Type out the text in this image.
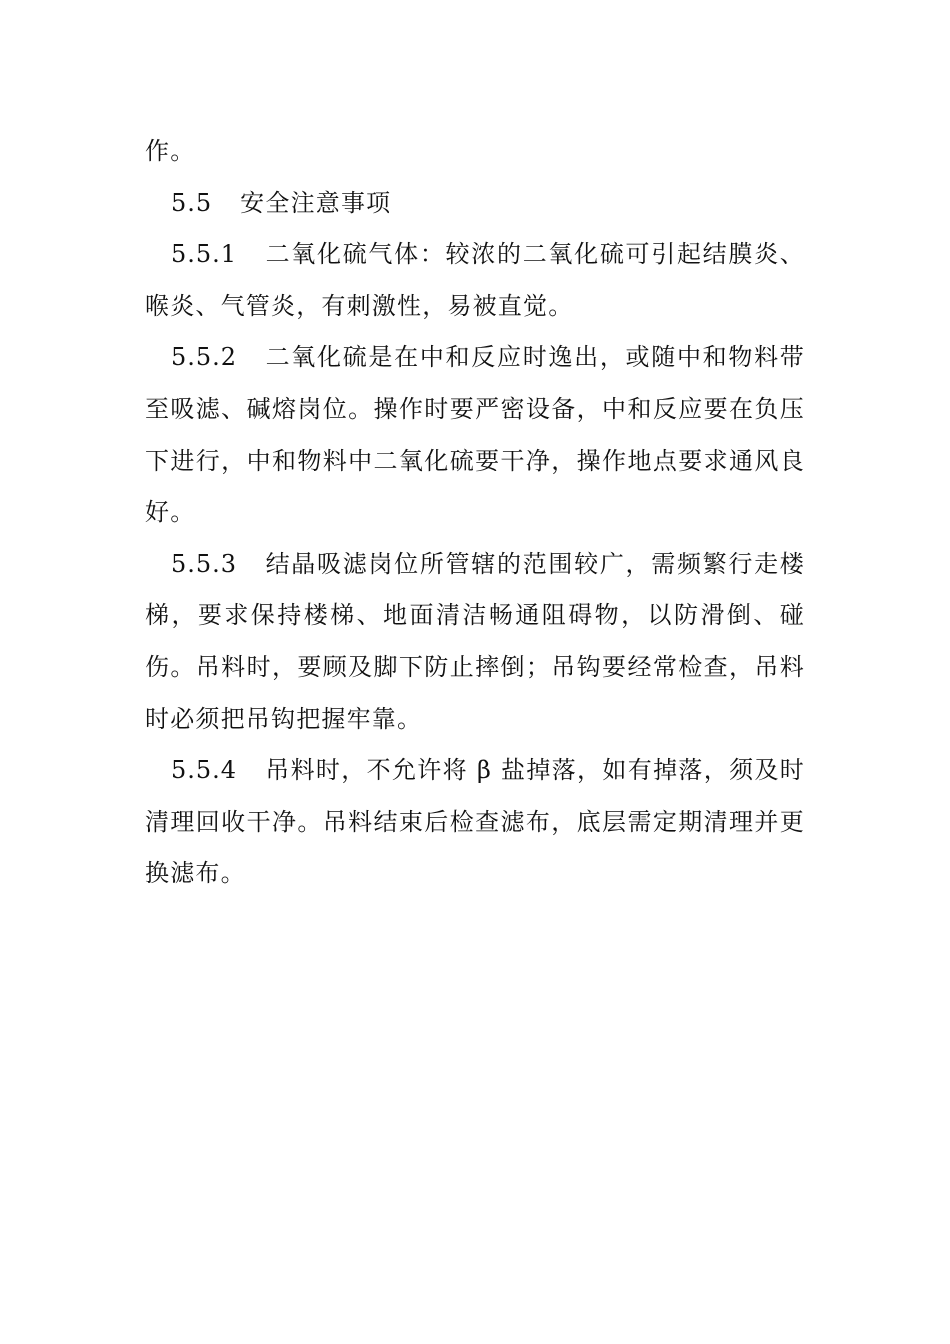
作。

5.5 安全注意事项

5.5.1 二氧化硫气体：较浓的二氧化硫可引起结膜炎、喉炎、气管炎，有刺激性，易被直觉。

5.5.2 二氧化硫是在中和反应时逸出，或随中和物料带至吸滤、碱熔岗位。操作时要严密设备，中和反应要在负压下进行，中和物料中二氧化硫要干净，操作地点要求通风良好。

5.5.3 结晶吸滤岗位所管辖的范围较广，需频繁行走楼梯，要求保持楼梯、地面清洁畅通阻碍物，以防滑倒、碰伤。吊料时，要顾及脚下防止摔倒；吊钩要经常检查，吊料时必须把吊钩把握牢靠。

5.5.4 吊料时，不允许将 β 盐掉落，如有掉落，须及时清理回收干净。吊料结束后检查滤布，底层需定期清理并更换滤布。
